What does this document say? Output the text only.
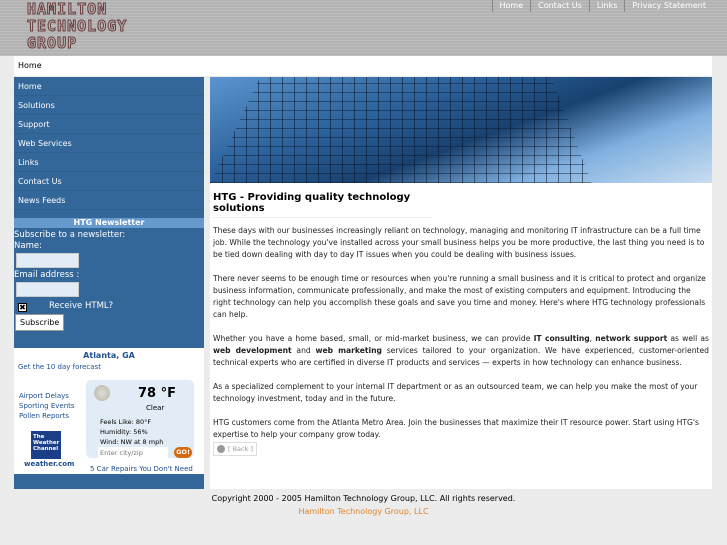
HAMILTON
TECHNOLOGY
GROUP
Home	Contact Us	Links	Privacy Statement
Home
Home
Solutions
Support
Web Services
Links
Contact Us
News Feeds
HTG Newsletter
Subscribe to a newsletter:
Name:
Email address :
✖	Receive HTML?
Subscribe
Atlanta, GA
Get the 10 day forecast
Airport Delays
Sporting Events
Pollen Reports
78 °F
Clear
Feels Like: 80°F
Humidity: 56%
Wind: NW at 8 mph
Enter city/zip
GO!
The Weather Channel
weather.com
5 Car Repairs You Don't Need
HTG - Providing quality technology solutions

These days with our businesses increasingly reliant on technology, managing and monitoring IT infrastructure can be a full time job. While the technology you've installed across your small business helps you be more productive, the last thing you need is to be tied down dealing with day to day IT issues when you could be dealing with business issues.

There never seems to be enough time or resources when you're running a small business and it is critical to protect and organize business information, communicate professionally, and make the most of existing computers and equipment. Introducing the right technology can help you accomplish these goals and save you time and money. Here's where HTG technology professionals can help.

Whether you have a home based, small, or mid-market business, we can provide IT consulting, network support as well as web development and web marketing services tailored to your organization. We have experienced, customer-oriented technical experts who are certified in diverse IT products and services — experts in how technology can enhance business.

As a specialized complement to your internal IT department or as an outsourced team, we can help you make the most of your technology investment, today and in the future.

HTG customers come from the Atlanta Metro Area. Join the businesses that maximize their IT resource power. Start using HTG's expertise to help your company grow today.

[ Back ]
Copyright 2000 - 2005 Hamilton Technology Group, LLC. All rights reserved.
Hamilton Technology Group, LLC
